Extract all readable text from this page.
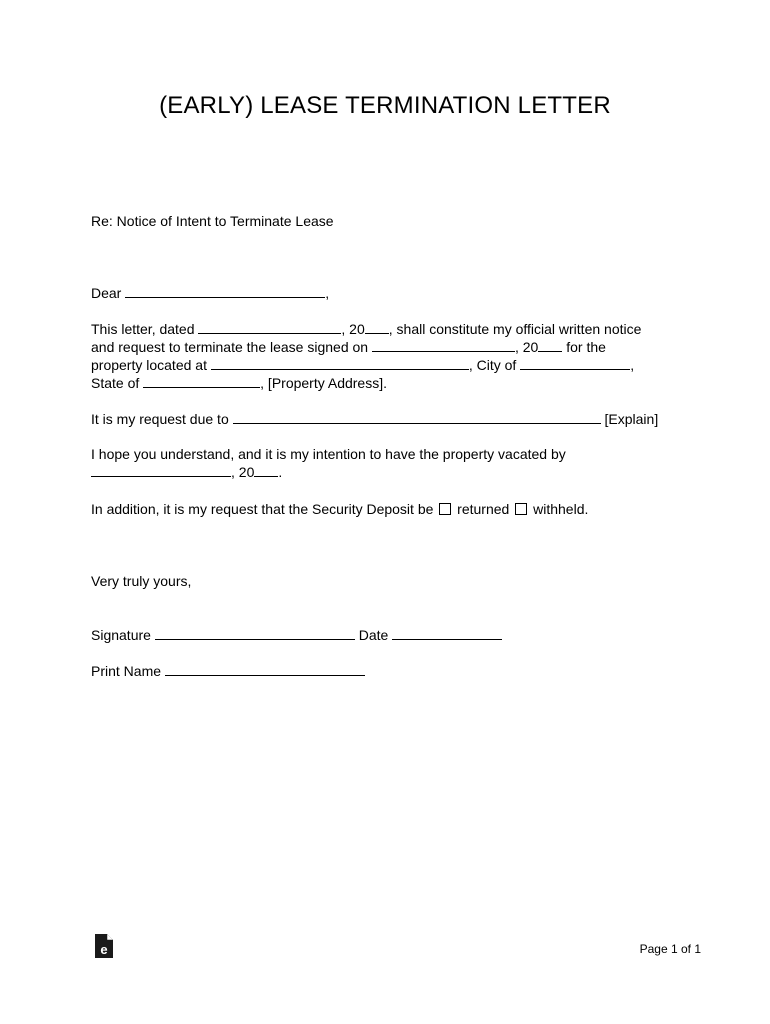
(EARLY) LEASE TERMINATION LETTER
Re: Notice of Intent to Terminate Lease
Dear	,
This letter, dated	, 20 , shall constitute my official written notice
and request to terminate the lease signed on	, 20 for the
property located at	, City of	,
State of	, [Property Address].
It is my request due to	[Explain]
I hope you understand, and it is my intention to have the property vacated by
, 20 .
In addition, it is my request that the Security Deposit be  returned  withheld.
Very truly yours,
Signature	Date
Print Name
e	Page 1 of 1
